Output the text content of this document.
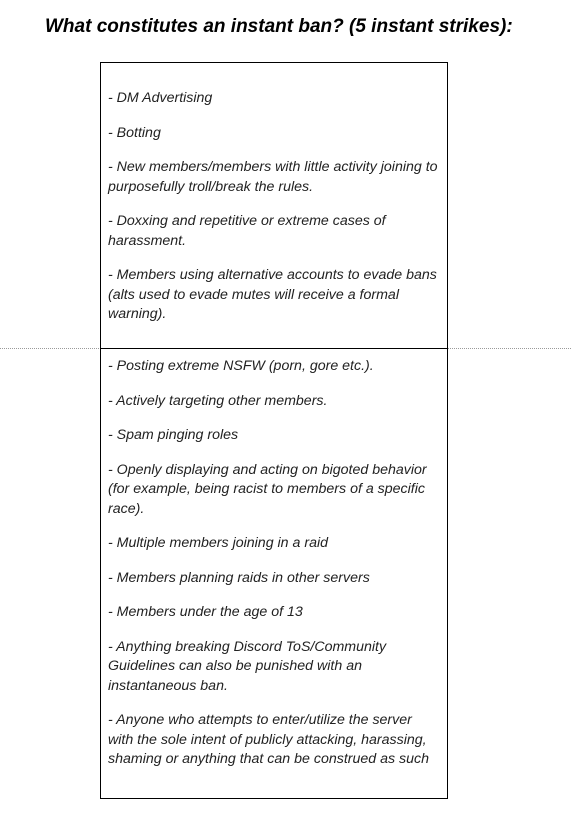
What constitutes an instant ban? (5 instant strikes):

- DM Advertising

- Botting

- New members/members with little activity joining to purposefully troll/break the rules.

- Doxxing and repetitive or extreme cases of harassment.

- Members using alternative accounts to evade bans (alts used to evade mutes will receive a formal warning).

- Posting extreme NSFW (porn, gore etc.).

- Actively targeting other members.

- Spam pinging roles

- Openly displaying and acting on bigoted behavior (for example, being racist to members of a specific race).

- Multiple members joining in a raid

- Members planning raids in other servers

- Members under the age of 13

- Anything breaking Discord ToS/Community Guidelines can also be punished with an instantaneous ban.

- Anyone who attempts to enter/utilize the server with the sole intent of publicly attacking, harassing, shaming or anything that can be construed as such
